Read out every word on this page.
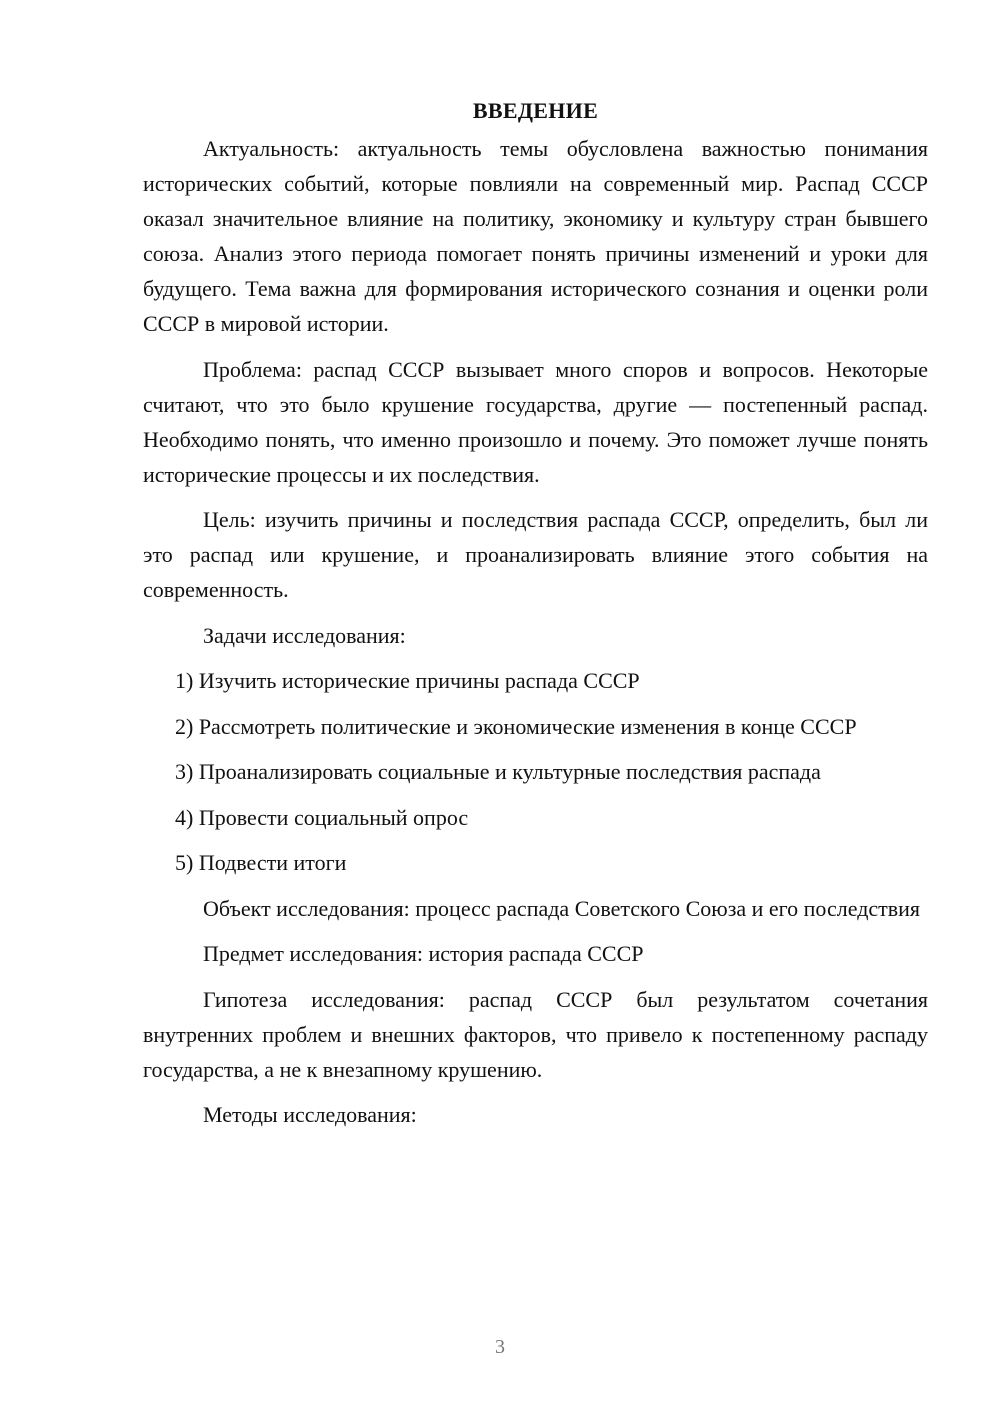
ВВЕДЕНИЕ

Актуальность: актуальность темы обусловлена важностью понимания исторических событий, которые повлияли на современный мир. Распад СССР оказал значительное влияние на политику, экономику и культуру стран бывшего союза. Анализ этого периода помогает понять причины изменений и уроки для будущего. Тема важна для формирования исторического сознания и оценки роли СССР в мировой истории.

Проблема: распад СССР вызывает много споров и вопросов. Некоторые считают, что это было крушение государства, другие — постепенный распад. Необходимо понять, что именно произошло и почему. Это поможет лучше понять исторические процессы и их последствия.

Цель: изучить причины и последствия распада СССР, определить, был ли это распад или крушение, и проанализировать влияние этого события на современность.

Задачи исследования:

1) Изучить исторические причины распада СССР

2) Рассмотреть политические и экономические изменения в конце СССР

3) Проанализировать социальные и культурные последствия распада

4) Провести социальный опрос

5) Подвести итоги

Объект исследования: процесс распада Советского Союза и его последствия

Предмет исследования: история распада СССР

Гипотеза исследования: распад СССР был результатом сочетания внутренних проблем и внешних факторов, что привело к постепенному распаду государства, а не к внезапному крушению.

Методы исследования:

3
